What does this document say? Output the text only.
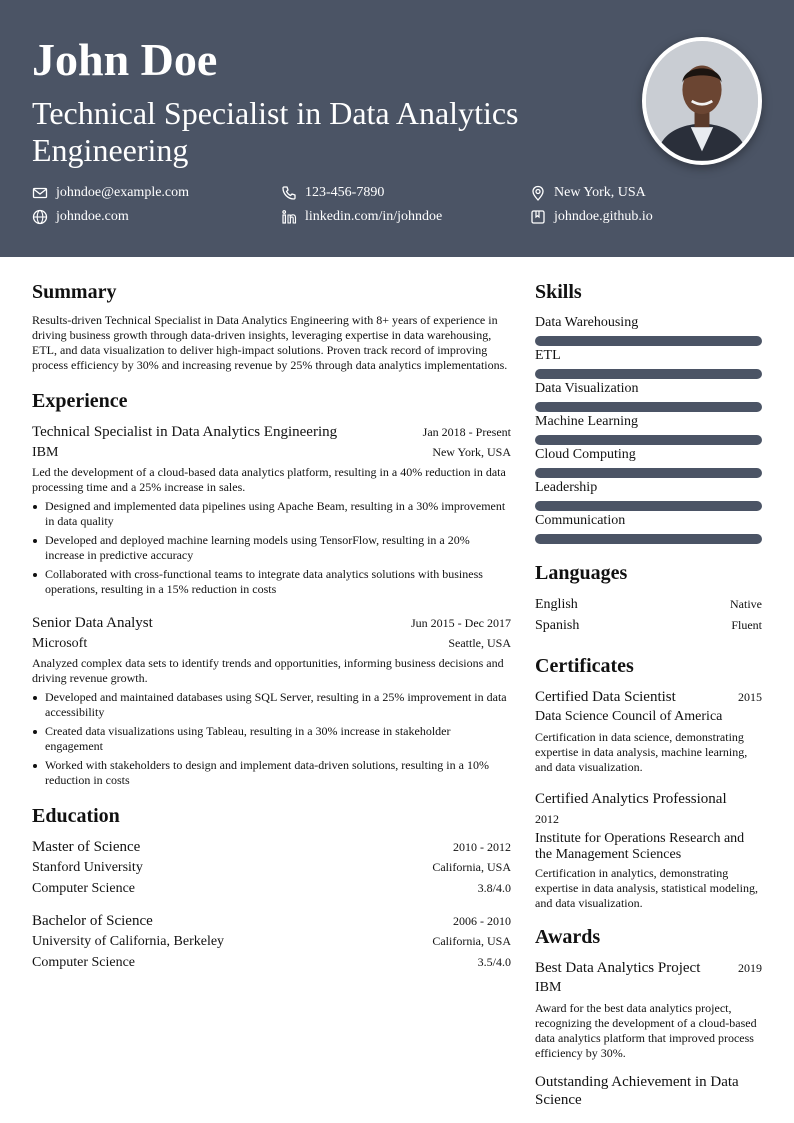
John Doe
Technical Specialist in Data Analytics Engineering
johndoe@example.com	123-456-7890	New York, USA
johndoe.com	linkedin.com/in/johndoe	johndoe.github.io
Summary
Results-driven Technical Specialist in Data Analytics Engineering with 8+ years of experience in driving business growth through data-driven insights, leveraging expertise in data warehousing, ETL, and data visualization to deliver high-impact solutions. Proven track record of improving process efficiency by 30% and increasing revenue by 25% through data analytics implementations.
Experience
Technical Specialist in Data Analytics Engineering	Jan 2018 - Present
IBM	New York, USA
Led the development of a cloud-based data analytics platform, resulting in a 40% reduction in data processing time and a 25% increase in sales.
Designed and implemented data pipelines using Apache Beam, resulting in a 30% improvement in data quality
Developed and deployed machine learning models using TensorFlow, resulting in a 20% increase in predictive accuracy
Collaborated with cross-functional teams to integrate data analytics solutions with business operations, resulting in a 15% reduction in costs
Senior Data Analyst	Jun 2015 - Dec 2017
Microsoft	Seattle, USA
Analyzed complex data sets to identify trends and opportunities, informing business decisions and driving revenue growth.
Developed and maintained databases using SQL Server, resulting in a 25% improvement in data accessibility
Created data visualizations using Tableau, resulting in a 30% increase in stakeholder engagement
Worked with stakeholders to design and implement data-driven solutions, resulting in a 10% reduction in costs
Education
Master of Science	2010 - 2012
Stanford University	California, USA
Computer Science	3.8/4.0
Bachelor of Science	2006 - 2010
University of California, Berkeley	California, USA
Computer Science	3.5/4.0
Skills
Data Warehousing
ETL
Data Visualization
Machine Learning
Cloud Computing
Leadership
Communication
Languages
English	Native
Spanish	Fluent
Certificates
Certified Data Scientist	2015
Data Science Council of America
Certification in data science, demonstrating expertise in data analysis, machine learning, and data visualization.
Certified Analytics Professional
2012
Institute for Operations Research and the Management Sciences
Certification in analytics, demonstrating expertise in data analysis, statistical modeling, and data visualization.
Awards
Best Data Analytics Project	2019
IBM
Award for the best data analytics project, recognizing the development of a cloud-based data analytics platform that improved process efficiency by 30%.
Outstanding Achievement in Data Science
